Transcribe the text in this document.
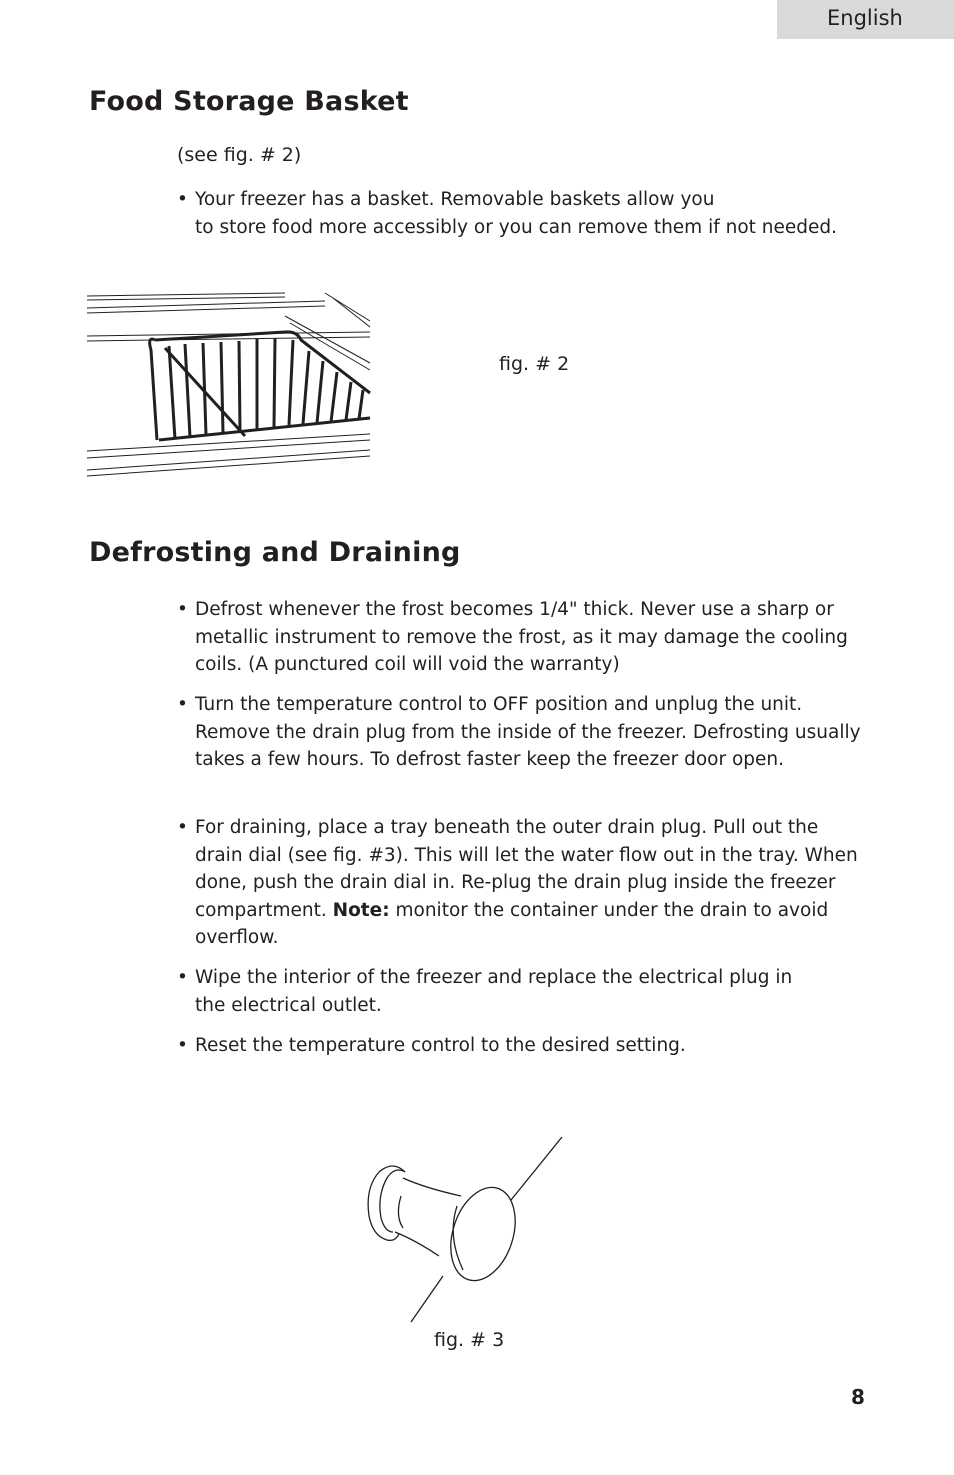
English
Food Storage Basket
(see fig. # 2)
• Your freezer has a basket. Removable baskets allow you
to store food more accessibly or you can remove them if not needed.
fig. # 2
Defrosting and Draining
• Defrost whenever the frost becomes 1/4" thick. Never use a sharp or metallic instrument to remove the frost, as it may damage the cooling coils. (A punctured coil will void the warranty)
• Turn the temperature control to OFF position and unplug the unit. Remove the drain plug from the inside of the freezer. Defrosting usually takes a few hours. To defrost faster keep the freezer door open.
• For draining, place a tray beneath the outer drain plug. Pull out the drain dial (see fig. #3). This will let the water flow out in the tray. When done, push the drain dial in. Re-plug the drain plug inside the freezer compartment. Note: monitor the container under the drain to avoid overflow.
• Wipe the interior of the freezer and replace the electrical plug in
the electrical outlet.
• Reset the temperature control to the desired setting.
fig. # 3
8
